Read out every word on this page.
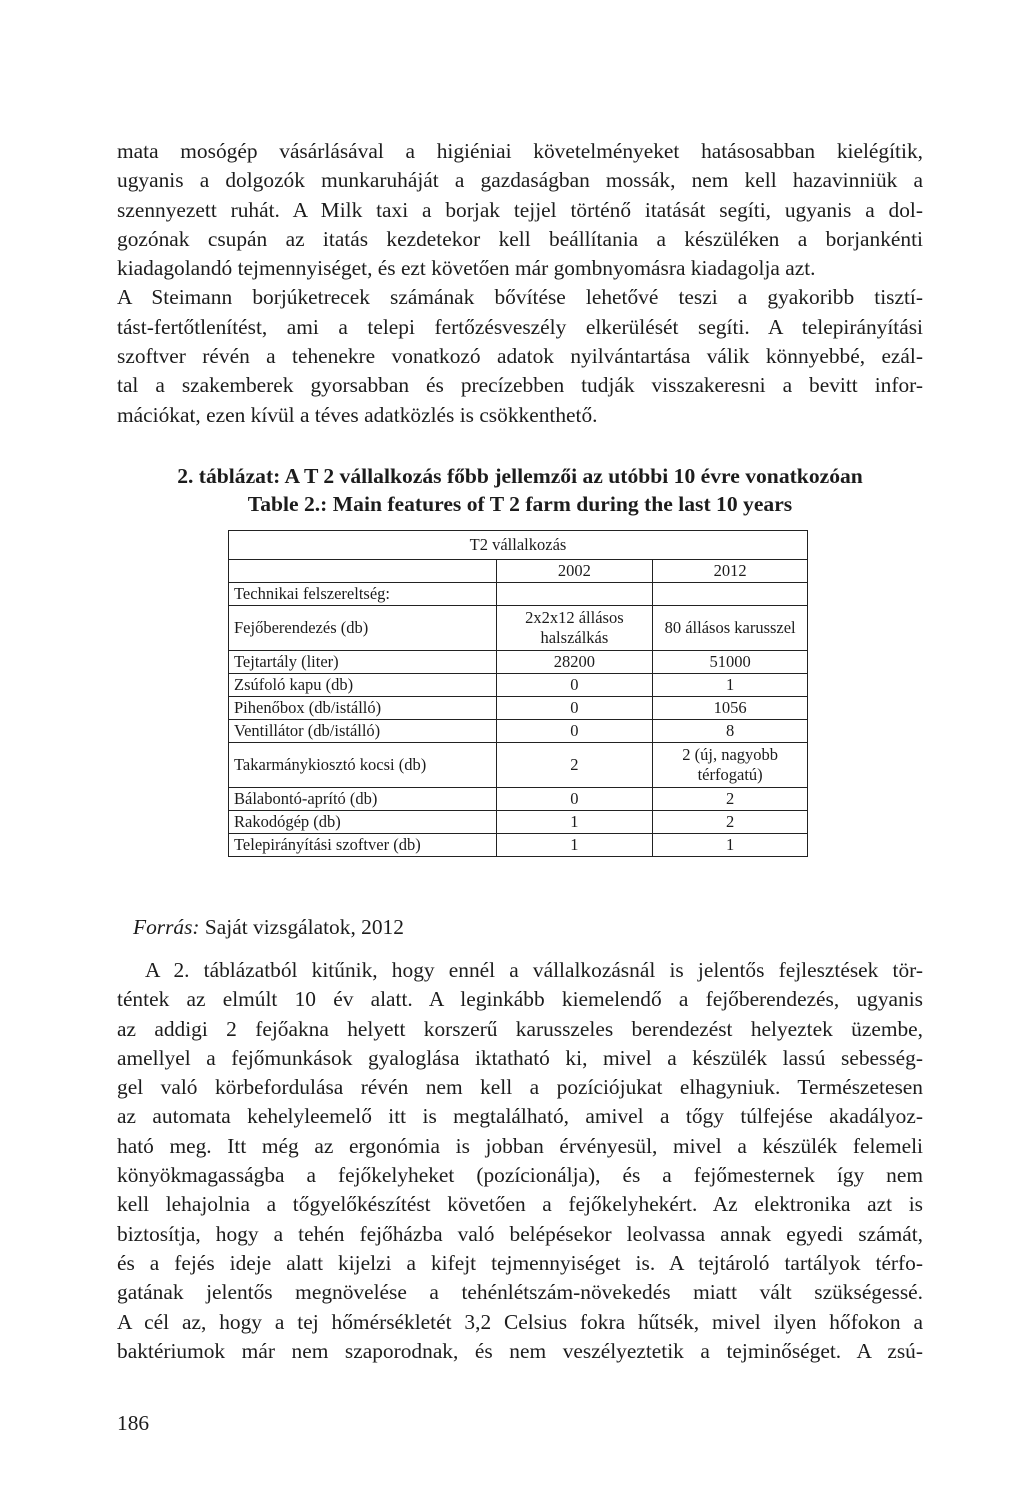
mata mosógép vásárlásával a higiéniai követelményeket hatásosabban kielégítik,
ugyanis a dolgozók munkaruháját a gazdaságban mossák, nem kell hazavinniük a
szennyezett ruhát. A Milk taxi a borjak tejjel történő itatását segíti, ugyanis a dol-
gozónak csupán az itatás kezdetekor kell beállítania a készüléken a borjankénti
kiadagolandó tejmennyiséget, és ezt követően már gombnyomásra kiadagolja azt.
A Steimann borjúketrecek számának bővítése lehetővé teszi a gyakoribb tisztí-
tást-fertőtlenítést, ami a telepi fertőzésveszély elkerülését segíti. A telepirányítási
szoftver révén a tehenekre vonatkozó adatok nyilvántartása válik könnyebbé, ezál-
tal a szakemberek gyorsabban és precízebben tudják visszakeresni a bevitt infor-
mációkat, ezen kívül a téves adatközlés is csökkenthető.

2. táblázat: A T 2 vállalkozás főbb jellemzői az utóbbi 10 évre vonatkozóan

Table 2.: Main features of T 2 farm during the last 10 years

T2 vállalkozás		
	2002	2012
Technikai felszereltség:		
Fejőberendezés (db)	2x2x12 állásos halszálkás	80 állásos karusszel
Tejtartály (liter)	28200	51000
Zsúfoló kapu (db)	0	1
Pihenőbox (db/istálló)	0	1056
Ventillátor (db/istálló)	0	8
Takarmánykiosztó kocsi (db)	2	2 (új, nagyobb térfogatú)
Bálabontó-aprító (db)	0	2
Rakodógép (db)	1	2
Telepirányítási szoftver (db)	1	1

Forrás: Saját vizsgálatok, 2012

A 2. táblázatból kitűnik, hogy ennél a vállalkozásnál is jelentős fejlesztések tör-
téntek az elmúlt 10 év alatt. A leginkább kiemelendő a fejőberendezés, ugyanis
az addigi 2 fejőakna helyett korszerű karusszeles berendezést helyeztek üzembe,
amellyel a fejőmunkások gyaloglása iktatható ki, mivel a készülék lassú sebesség-
gel való körbefordulása révén nem kell a pozíciójukat elhagyniuk. Természetesen
az automata kehelyleemelő itt is megtalálható, amivel a tőgy túlfejése akadályoz-
ható meg. Itt még az ergonómia is jobban érvényesül, mivel a készülék felemeli
könyökmagasságba a fejőkelyheket (pozícionálja), és a fejőmesternek így nem
kell lehajolnia a tőgyelőkészítést követően a fejőkelyhekért. Az elektronika azt is
biztosítja, hogy a tehén fejőházba való belépésekor leolvassa annak egyedi számát,
és a fejés ideje alatt kijelzi a kifejt tejmennyiséget is. A tejtároló tartályok térfo-
gatának jelentős megnövelése a tehénlétszám-növekedés miatt vált szükségessé.
A cél az, hogy a tej hőmérsékletét 3,2 Celsius fokra hűtsék, mivel ilyen hőfokon a
baktériumok már nem szaporodnak, és nem veszélyeztetik a tejminőséget. A zsú-

186
